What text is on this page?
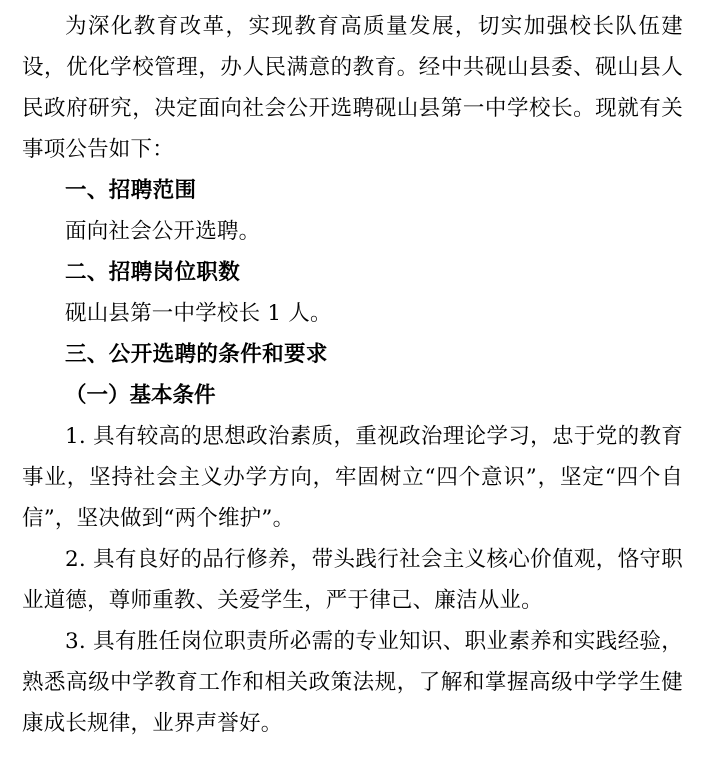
为深化教育改革，实现教育高质量发展，切实加强校长队伍建设，优化学校管理，办人民满意的教育。经中共砚山县委、砚山县人民政府研究，决定面向社会公开选聘砚山县第一中学校长。现就有关事项公告如下：

一、招聘范围

面向社会公开选聘。

二、招聘岗位职数

砚山县第一中学校长 1 人。

三、公开选聘的条件和要求

（一）基本条件

1. 具有较高的思想政治素质，重视政治理论学习，忠于党的教育事业，坚持社会主义办学方向，牢固树立“四个意识”，坚定“四个自信”，坚决做到“两个维护”。

2. 具有良好的品行修养，带头践行社会主义核心价值观，恪守职业道德，尊师重教、关爱学生，严于律己、廉洁从业。

3. 具有胜任岗位职责所必需的专业知识、职业素养和实践经验，熟悉高级中学教育工作和相关政策法规，了解和掌握高级中学学生健康成长规律，业界声誉好。
